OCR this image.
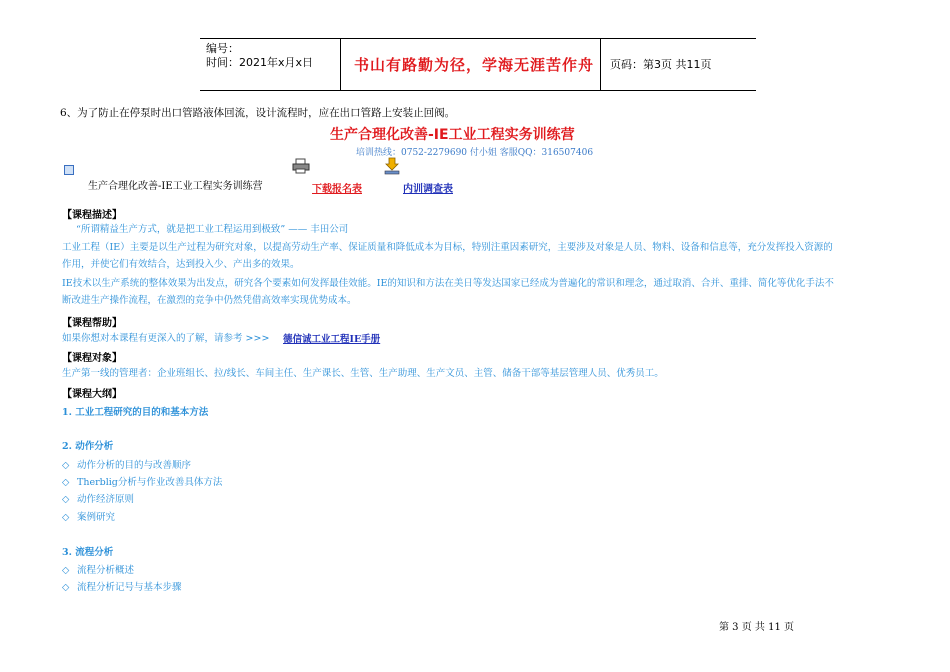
编号：
时间：2021年x月x日	书山有路勤为径，学海无涯苦作舟 页码：第3页 共11页
6、为了防止在停泵时出口管路液体回流，设计流程时，应在出口管路上安装止回阀。
生产合理化改善-IE工业工程实务训练营
培训热线：0752-2279690 付小姐 客服QQ：316507406
生产合理化改善-IE工业工程实务训练营	下载报名表	内训调查表
【课程描述】
“所谓精益生产方式，就是把工业工程运用到极致” —— 丰田公司
工业工程（IE）主要是以生产过程为研究对象，以提高劳动生产率、保证质量和降低成本为目标，特别注重因素研究，主要涉及对象是人员、物料、设备和信息等，充分发挥投入资源的
作用，并使它们有效结合，达到投入少、产出多的效果。
IE技术以生产系统的整体效果为出发点，研究各个要素如何发挥最佳效能。IE的知识和方法在美日等发达国家已经成为普遍化的常识和理念，通过取消、合并、重排、简化等优化手法不
断改进生产操作流程，在激烈的竞争中仍然凭借高效率实现优势成本。
【课程帮助】
如果你想对本课程有更深入的了解，请参考 >>> 德信诚工业工程IE手册
【课程对象】
生产第一线的管理者：企业班组长、拉/线长、车间主任、生产课长、生管、生产助理、生产文员、主管、储备干部等基层管理人员、优秀员工。
【课程大纲】
1. 工业工程研究的目的和基本方法
2. 动作分析
◇ 动作分析的目的与改善顺序
◇ Therblig分析与作业改善具体方法
◇ 动作经济原则
◇ 案例研究
3. 流程分析
◇ 流程分析概述
◇ 流程分析记号与基本步骤
第 3 页 共 11 页
